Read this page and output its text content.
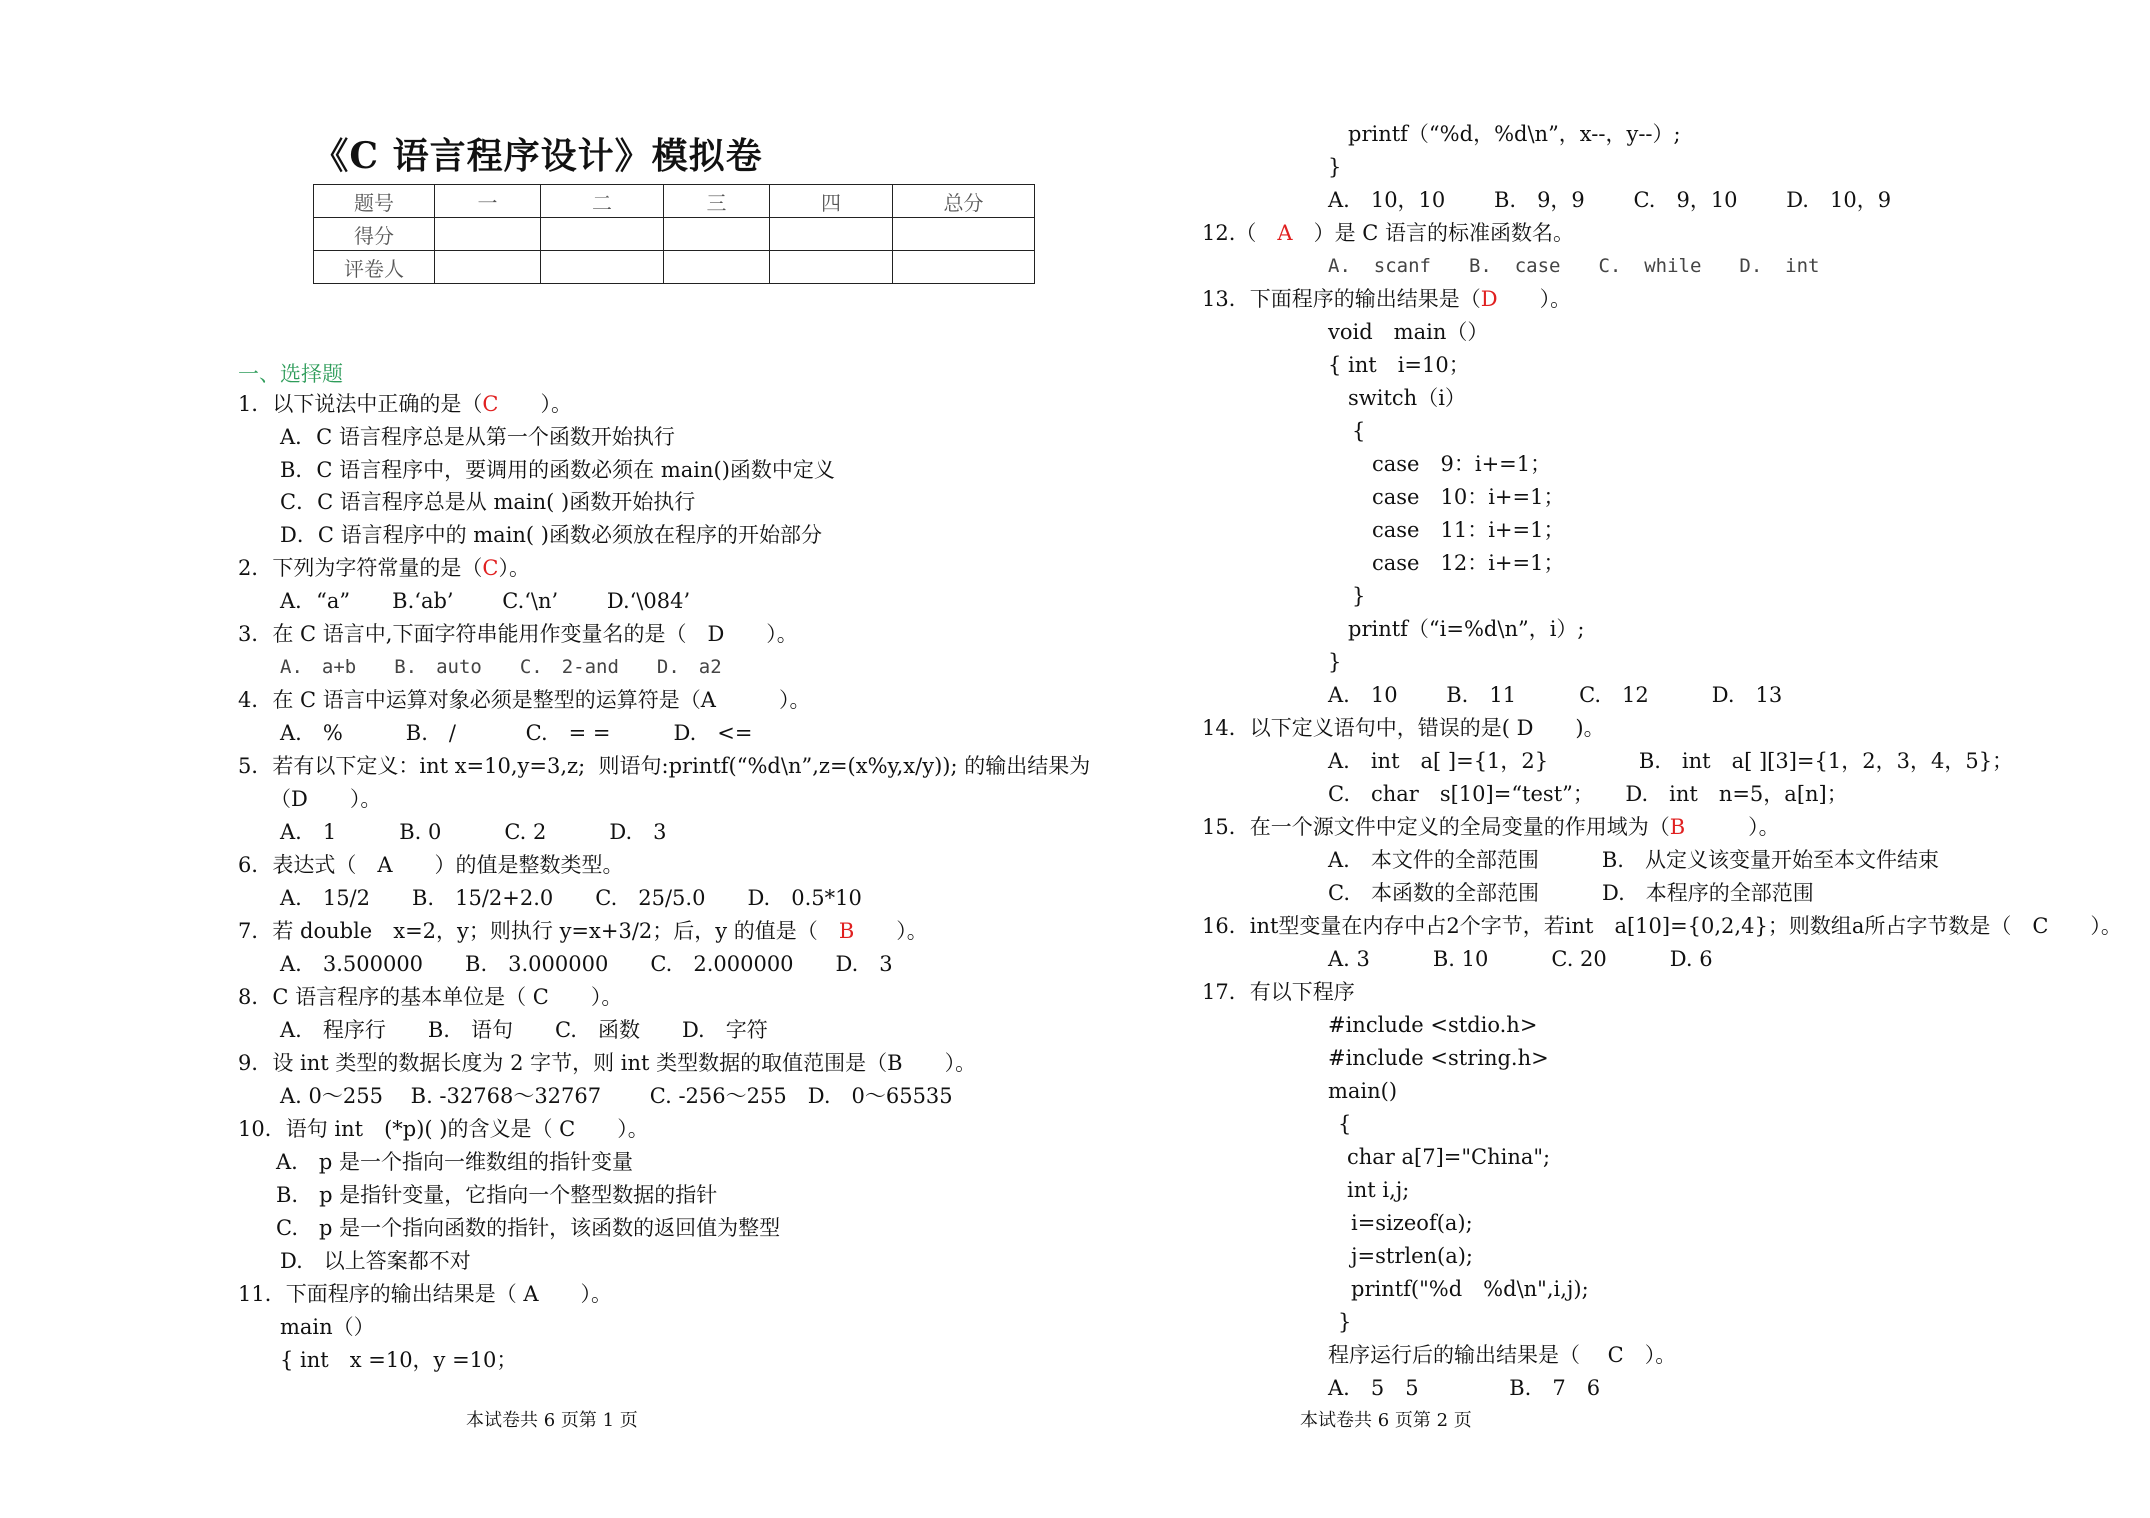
《C 语言程序设计》模拟卷
题号	一	二	三	四	总分
得分					
评卷人					
一、选择题
1．以下说法中正确的是（C　　）。
A．C 语言程序总是从第一个函数开始执行
B．C 语言程序中，要调用的函数必须在 main()函数中定义
C．C 语言程序总是从 main( )函数开始执行
D．C 语言程序中的 main( )函数必须放在程序的开始部分
2．下列为字符常量的是（C）。
A．“a”　　B.‘ab’　　 C.‘\n’　　 D.‘\084’
3．在 C 语言中,下面字符串能用作变量名的是（　D　　）。
A.　a+b　　B.　auto　　C.　2-and　　D.　a2
4．在 C 语言中运算对象必须是整型的运算符是（A　　　）。
A.　%　　　B.　/　　　 C.　= =　　　D.　<=
5．若有以下定义：int x=10,y=3,z;  则语句:printf(“%d\n”,z=(x%y,x/y)); 的输出结果为
（D　　）。
A.　1　　　B. 0　　　C. 2　　　D.　3
6．表达式（　A　　）的值是整数类型。
A.　15/2　　B.　15/2+2.0　　C.　25/5.0　　D.　0.5*10
7．若 double　x=2，y；则执行 y=x+3/2；后，y 的值是（　B　　）。
A.　3.500000　　B.　3.000000　　C.　2.000000　　D.　3
8．C 语言程序的基本单位是（ C　　）。
A.　程序行　　B.　语句　　C.　函数　　D.　字符
9．设 int 类型的数据长度为 2 字节，则 int 类型数据的取值范围是（B　　）。
A. 0～255　 B. -32768～32767　　 C. -256～255　D.　0～65535
10．语句 int　(*p)( )的含义是（ C　　）。
A.　p 是一个指向一维数组的指针变量
B.　p 是指针变量，它指向一个整型数据的指针
C.　p 是一个指向函数的指针，该函数的返回值为整型
D.　以上答案都不对
11．下面程序的输出结果是（ A　　）。
main（）
{ int　x =10，y =10；
本试卷共 6 页第 1 页
printf（“%d，%d\n”，x--，y--）;
}
A.　10，10　　 B.　9，9　　 C.　9，10　　 D.　10，9
12.（　A　）是 C 语言的标准函数名。
A.  scanf　　B.  case　　C.  while　　D.  int
13．下面程序的输出结果是（D　　）。
void　main（）
{ int　i=10；
switch（i）
{
case　9：i+=1；
case　10：i+=1；
case　11：i+=1；
case　12：i+=1；
}
printf（“i=%d\n”，i）;
}
A.　10　　 B.　11　　　C.　12　　　D.　13
14．以下定义语句中，错误的是( D　　)。
A.　int　a[ ]={1，2}　　　　 B.　int　a[ ][3]={1，2，3，4，5}；
C.　char　s[10]=“test”；　　D.　int　n=5，a[n]；
15．在一个源文件中定义的全局变量的作用域为（B　　　）。
A.　本文件的全部范围　　　B.　从定义该变量开始至本文件结束
C.　本函数的全部范围　　　D.　本程序的全部范围
16．int型变量在内存中占2个字节，若int　a[10]={0,2,4}；则数组a所占字节数是（　C　　）。
A. 3　　　B. 10　　　C. 20　　　D. 6
17．有以下程序
#include <stdio.h>
#include <string.h>
main()
{
char a[7]="China";
int i,j;
i=sizeof(a);
j=strlen(a);
printf("%d　%d\n",i,j);
}
程序运行后的输出结果是（　 C　）。
A.　5　5　　　　 B.　7　6
本试卷共 6 页第 2 页
